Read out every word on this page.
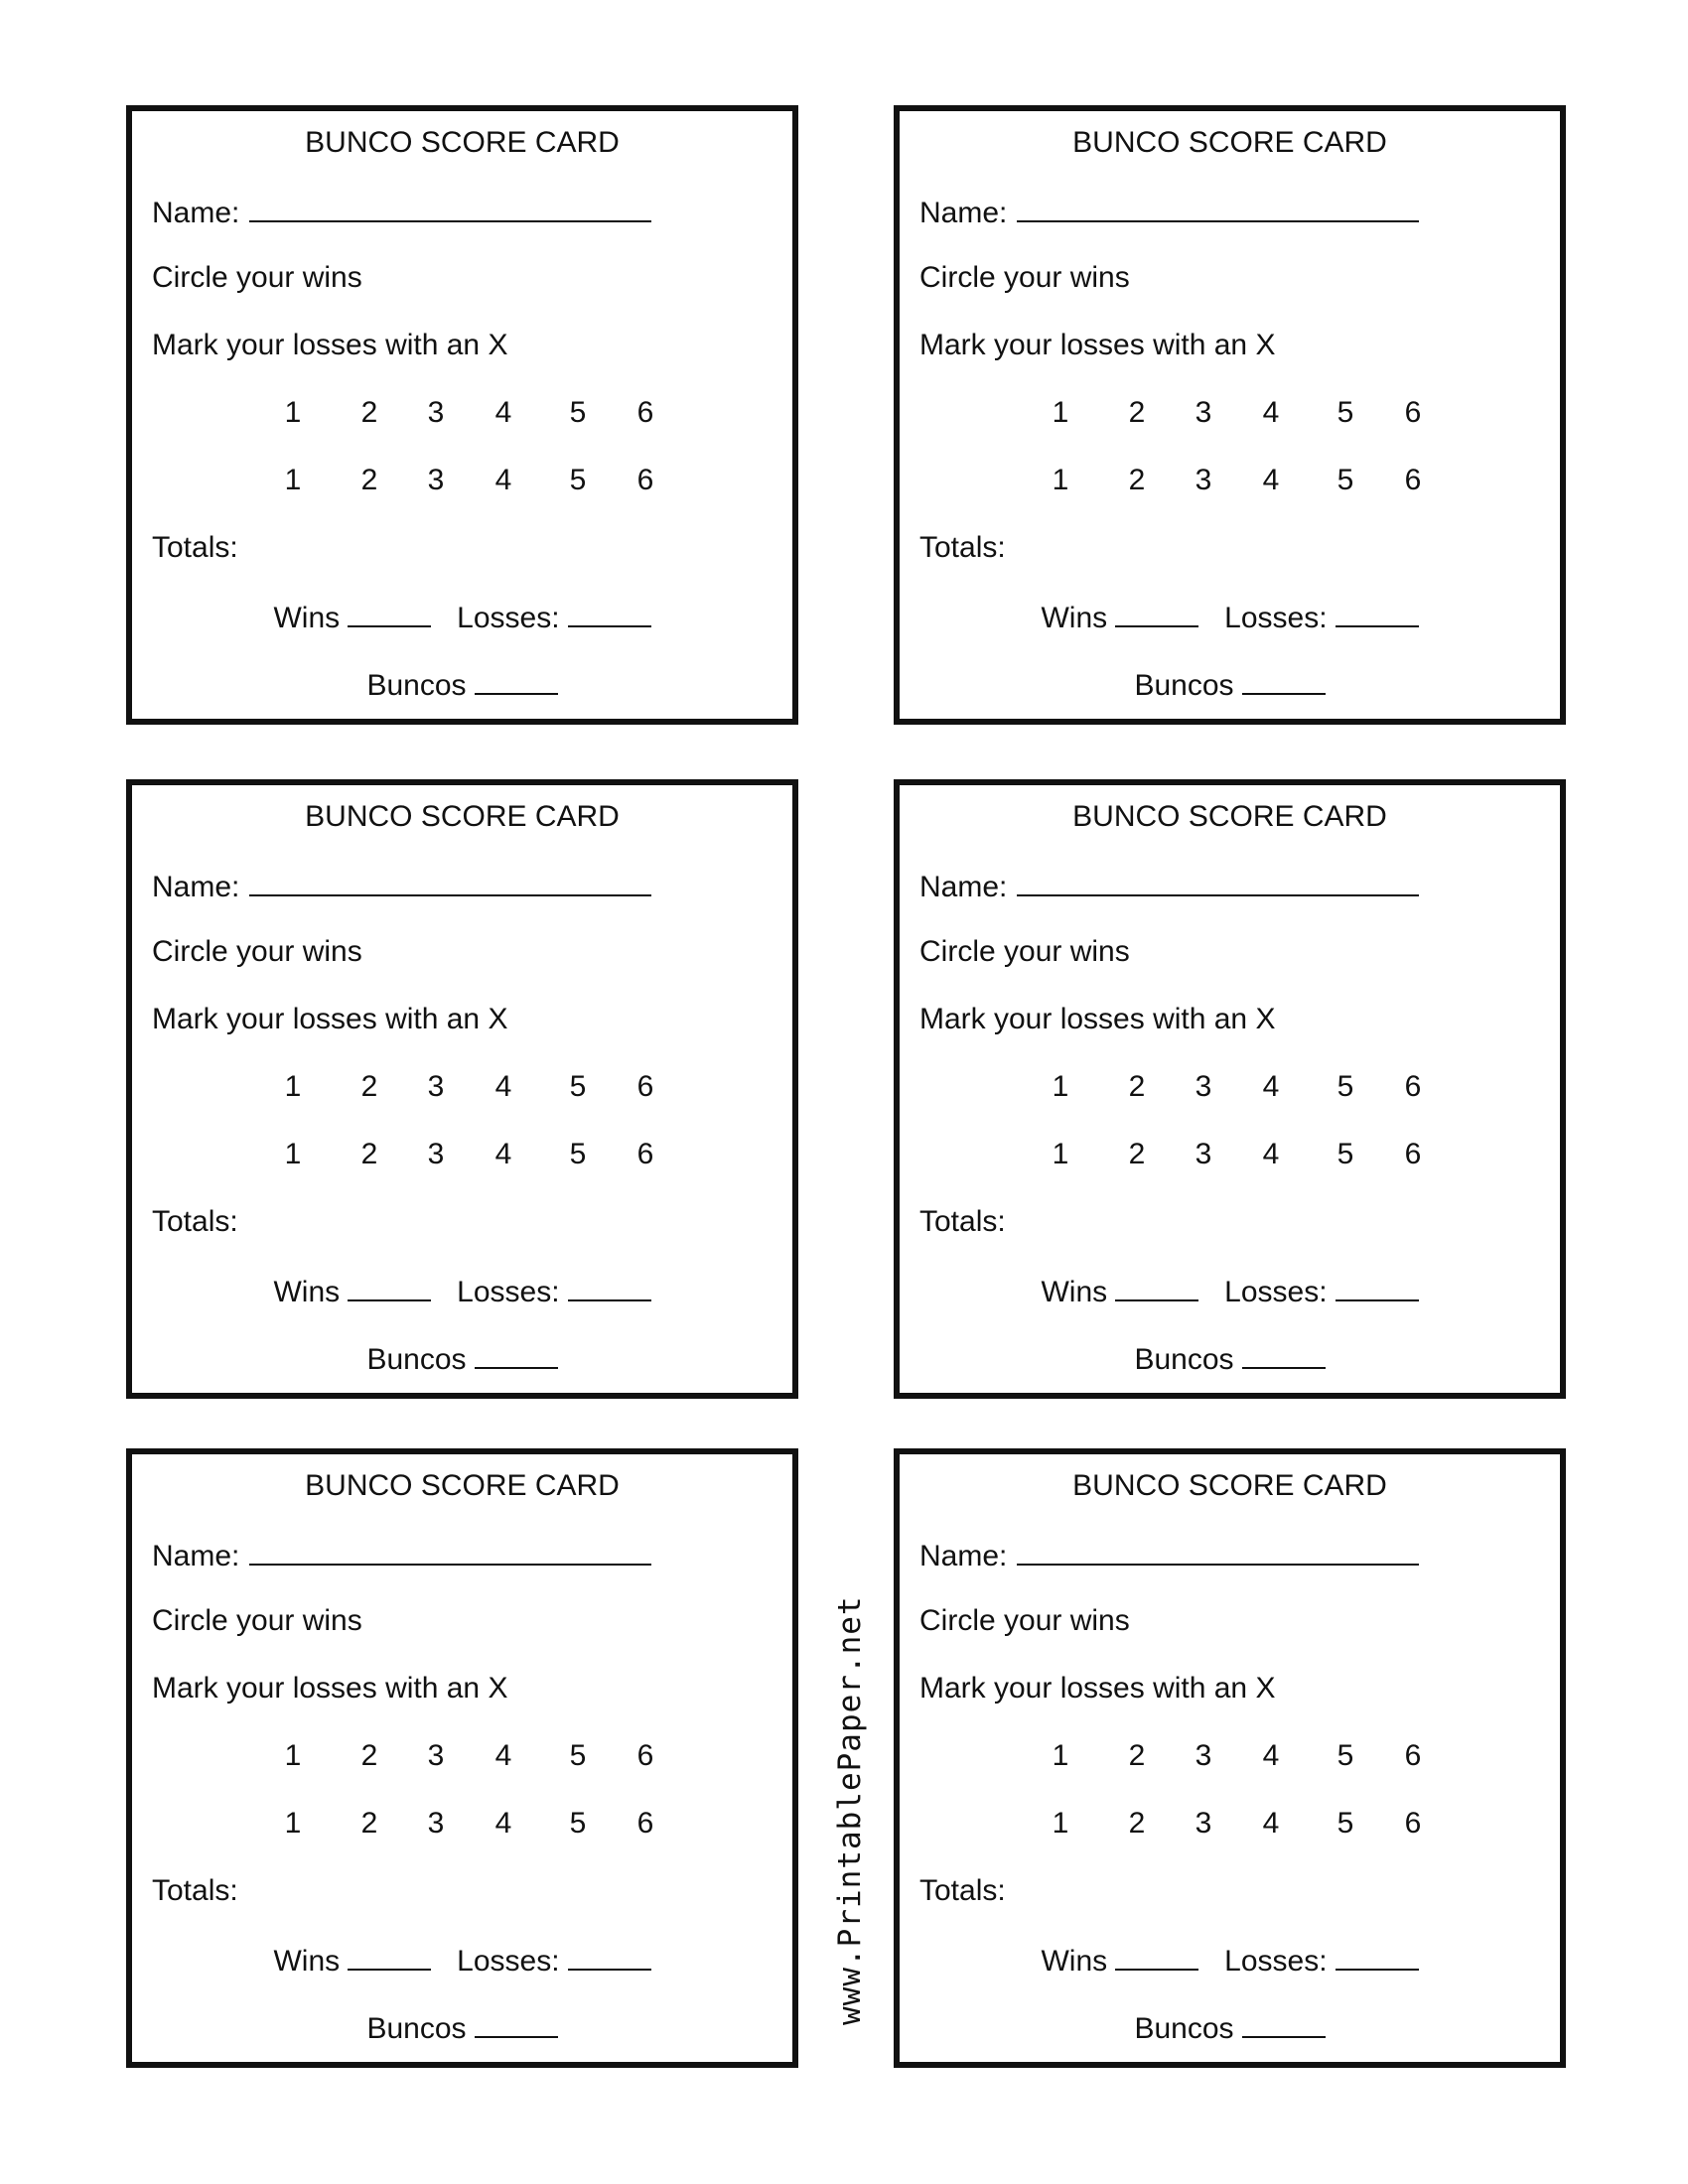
BUNCO SCORE CARD
Name:
Circle your wins
Mark your losses with an X
1 2 3 4 5 6
1 2 3 4 5 6
Totals:
Wins	Losses:
Buncos
BUNCO SCORE CARD
Name:
Circle your wins
Mark your losses with an X
1 2 3 4 5 6
1 2 3 4 5 6
Totals:
Wins	Losses:
Buncos
BUNCO SCORE CARD
Name:
Circle your wins
Mark your losses with an X
1 2 3 4 5 6
1 2 3 4 5 6
Totals:
Wins	Losses:
Buncos
BUNCO SCORE CARD
Name:
Circle your wins
Mark your losses with an X
1 2 3 4 5 6
1 2 3 4 5 6
Totals:
Wins	Losses:
Buncos
BUNCO SCORE CARD
Name:
Circle your wins
Mark your losses with an X
1 2 3 4 5 6
1 2 3 4 5 6
Totals:
Wins	Losses:
Buncos
BUNCO SCORE CARD
Name:
Circle your wins
Mark your losses with an X
1 2 3 4 5 6
1 2 3 4 5 6
Totals:
Wins	Losses:
Buncos
www.PrintablePaper.net
